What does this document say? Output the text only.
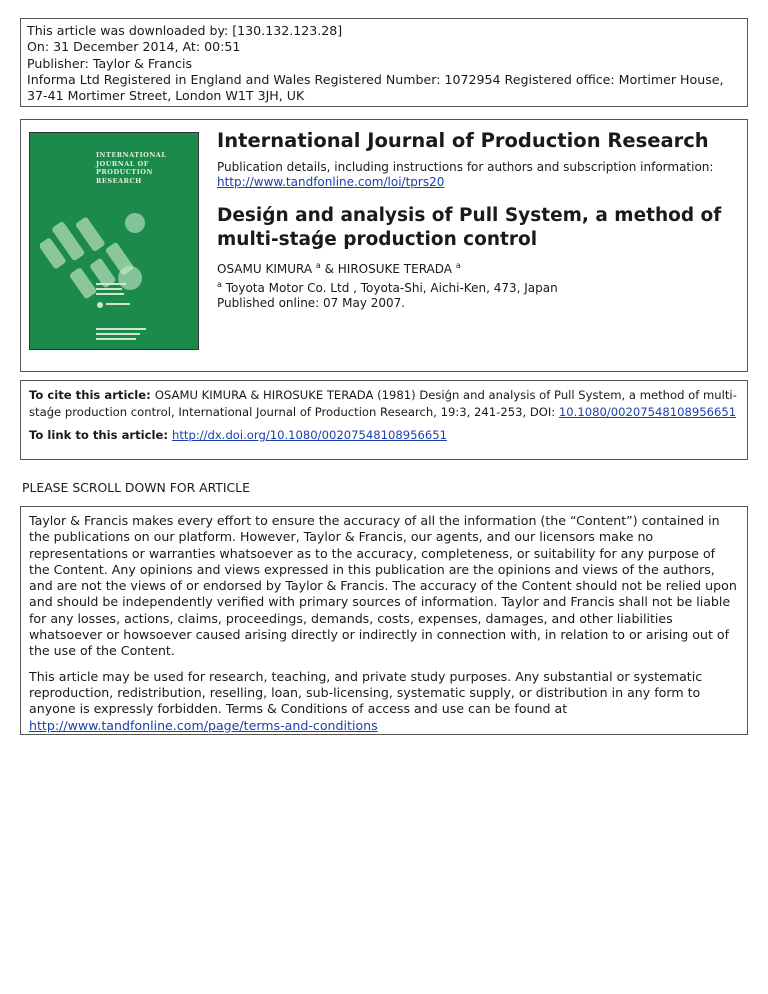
This article was downloaded by: [130.132.123.28]
On: 31 December 2014, At: 00:51
Publisher: Taylor & Francis
Informa Ltd Registered in England and Wales Registered Number: 1072954 Registered office: Mortimer House,
37-41 Mortimer Street, London W1T 3JH, UK
INTERNATIONAL
JOURNAL OF
PRODUCTION
RESEARCH
International Journal of Production Research
Publication details, including instructions for authors and subscription information:
http://www.tandfonline.com/loi/tprs20
Desiǵn and analysis of Pull System, a method of multi-staǵe production control
OSAMU KIMURA $^a$ & HIROSUKE TERADA $^a$
$^a$ Toyota Motor Co. Ltd , Toyota-Shi, Aichi-Ken, 473, Japan
Published online: 07 May 2007.
To cite this article: OSAMU KIMURA & HIROSUKE TERADA (1981) Desiǵn and analysis of Pull System, a method of multi-staǵe production control, International Journal of Production Research, 19:3, 241-253, DOI: 10.1080/00207548108956651
To link to this article: http://dx.doi.org/10.1080/00207548108956651
PLEASE SCROLL DOWN FOR ARTICLE

Taylor & Francis makes every effort to ensure the accuracy of all the information (the “Content”) contained in the publications on our platform. However, Taylor & Francis, our agents, and our licensors make no representations or warranties whatsoever as to the accuracy, completeness, or suitability for any purpose of the Content. Any opinions and views expressed in this publication are the opinions and views of the authors, and are not the views of or endorsed by Taylor & Francis. The accuracy of the Content should not be relied upon and should be independently verified with primary sources of information. Taylor and Francis shall not be liable for any losses, actions, claims, proceedings, demands, costs, expenses, damages, and other liabilities whatsoever or howsoever caused arising directly or indirectly in connection with, in relation to or arising out of the use of the Content.

This article may be used for research, teaching, and private study purposes. Any substantial or systematic reproduction, redistribution, reselling, loan, sub-licensing, systematic supply, or distribution in any form to anyone is expressly forbidden. Terms & Conditions of access and use can be found at http://www.tandfonline.com/page/terms-and-conditions
